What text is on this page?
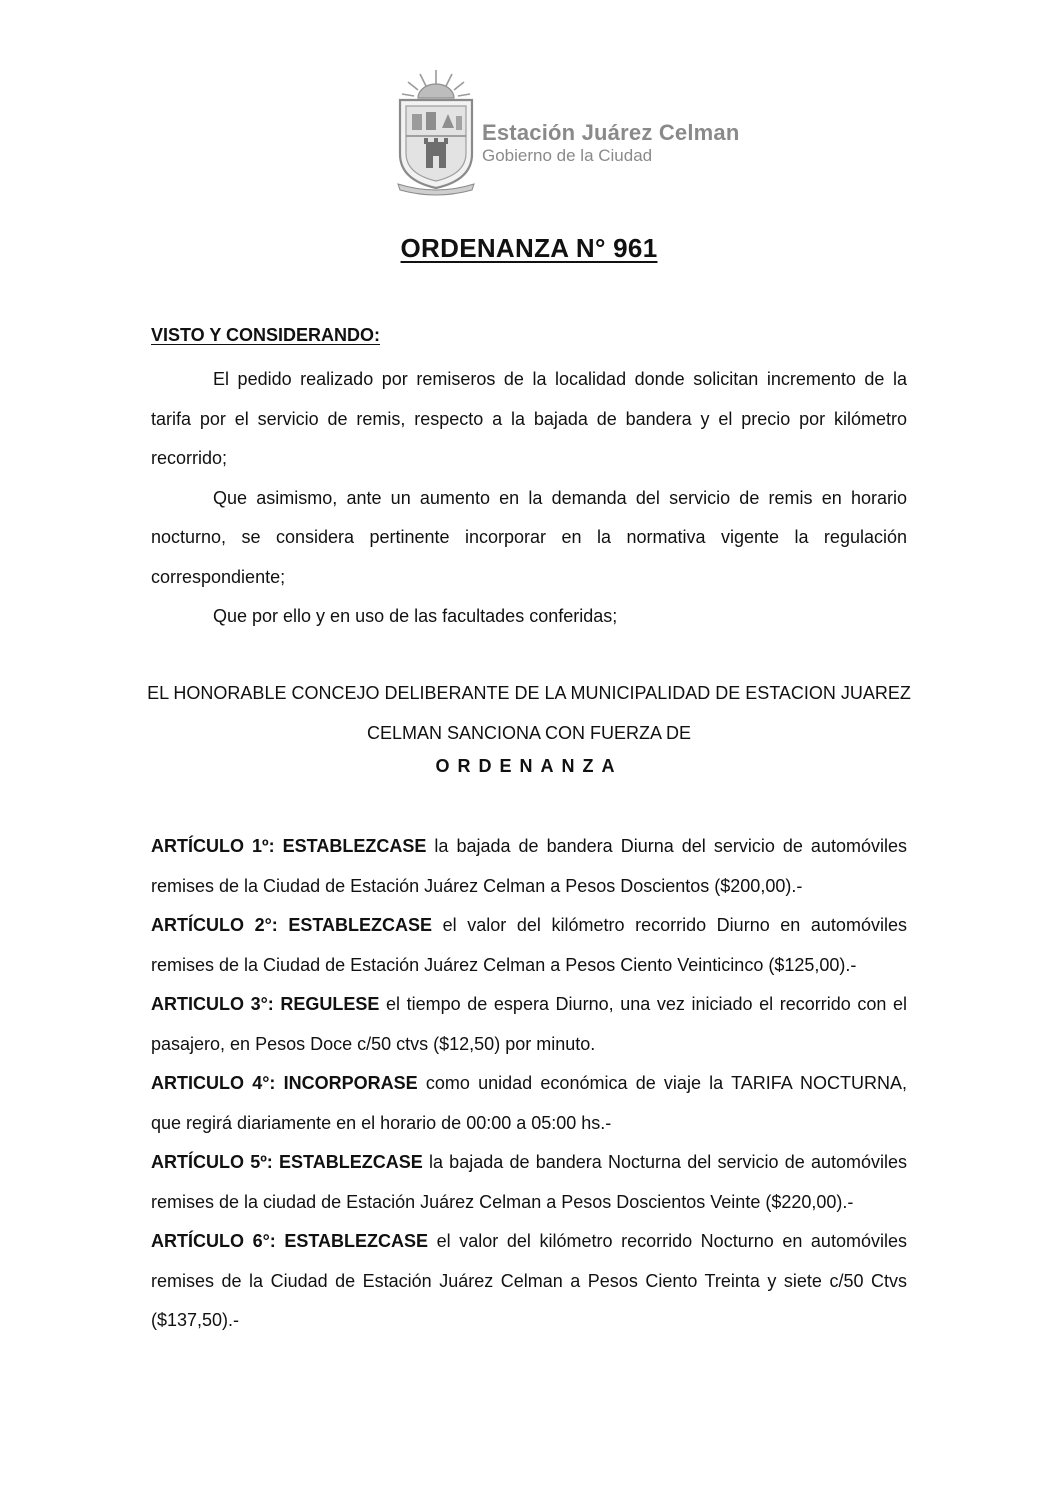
Estación Juárez Celman
Gobierno de la Ciudad
ORDENANZA N° 961
VISTO Y CONSIDERANDO:

El pedido realizado por remiseros de la localidad donde solicitan incremento de la tarifa por el servicio de remis, respecto a la bajada de bandera y el precio por kilómetro recorrido;

Que asimismo, ante un aumento en la demanda del servicio de remis en horario nocturno, se considera pertinente incorporar en la normativa vigente la regulación correspondiente;

Que por ello y en uso de las facultades conferidas;

EL HONORABLE CONCEJO DELIBERANTE DE LA MUNICIPALIDAD DE ESTACION JUAREZ
CELMAN SANCIONA CON FUERZA DE
ORDENANZA

ARTÍCULO 1º: ESTABLEZCASE la bajada de bandera Diurna del servicio de automóviles remises de la Ciudad de Estación Juárez Celman a Pesos Doscientos ($200,00).-

ARTÍCULO 2°: ESTABLEZCASE el valor del kilómetro recorrido Diurno en automóviles remises de la Ciudad de Estación Juárez Celman a Pesos Ciento Veinticinco ($125,00).-

ARTICULO 3°: REGULESE el tiempo de espera Diurno, una vez iniciado el recorrido con el pasajero, en Pesos Doce c/50 ctvs ($12,50) por minuto.

ARTICULO 4°: INCORPORASE como unidad económica de viaje la TARIFA NOCTURNA, que regirá diariamente en el horario de 00:00 a 05:00 hs.-

ARTÍCULO 5º: ESTABLEZCASE la bajada de bandera Nocturna del servicio de automóviles remises de la ciudad de Estación Juárez Celman a Pesos Doscientos Veinte ($220,00).-

ARTÍCULO 6°: ESTABLEZCASE el valor del kilómetro recorrido Nocturno en automóviles remises de la Ciudad de Estación Juárez Celman a Pesos Ciento Treinta y siete c/50 Ctvs ($137,50).-
